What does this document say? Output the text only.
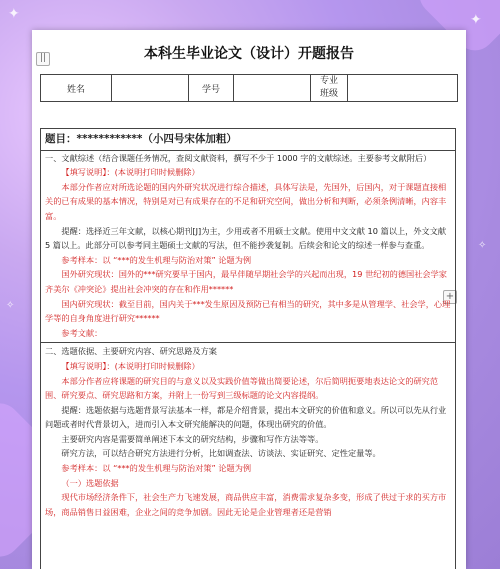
✦	✦
✧
✧
||	本科生毕业论文（设计）开题报告
+
姓名		学号		专业
班级	
题目：************（小四号宋体加粗）

一、文献综述（结合课题任务情况，查阅文献资料，撰写不少于 1000 字的文献综述。主要参考文献附后）

【填写说明】：(本说明打印时候删除）

本部分作者应对所选论题的国内外研究状况进行综合描述，具体写法是，先国外，后国内，对于课题直接相关的已有成果的基本情况，特别是对已有成果存在的不足和研究空间，做出分析和判断，必须条例清晰，内容丰富。

提醒：选择近三年文献，以核心期刊[J]为主，少用或者不用硕士文献。使用中文文献 10 篇以上，外文文献 5 篇以上。此部分可以参考同主题硕士文献的写法，但不能抄袭复制。后续会和论文的综述一样参与查重。

参考样本：以 “***的发生机理与防治对策” 论题为例

国外研究现状：国外的***研究要早于国内，最早伴随早期社会学的兴起而出现，19 世纪初的德国社会学家齐美尔《冲突论》提出社会冲突的存在和作用******

国内研究现状：截至目前，国内关于***发生原因及预防已有相当的研究，其中多是从管理学、社会学，心理学等的自身角度进行研究******

参考文献：

二、选题依据、主要研究内容、研究思路及方案

【填写说明】：(本说明打印时候删除）

本部分作者应将课题的研究目的与意义以及实践价值等做出简要论述，尔后简明扼要地表达论文的研究范围、研究要点、研究思路和方案，并附上一份写到三级标题的论文内容提纲。

提醒：选题依据与选题背景写法基本一样，都是介绍背景，提出本文研究的价值和意义。所以可以先从行业问题或者时代背景切入，进而引入本文研究能解决的问题，体现出研究的价值。

主要研究内容是需要简单阐述下本文的研究结构，步骤和写作方法等等。

研究方法，可以结合研究方法进行分析，比如调查法、访谈法、实证研究、定性定量等。

参考样本：以 “***的发生机理与防治对策” 论题为例

（一）选题依据

现代市场经济条件下，社会生产力飞速发展，商品供应丰富，消费需求复杂多变，形成了供过于求的买方市场，商品销售日益困难，企业之间的竞争加剧。因此无论是企业管理者还是营销
